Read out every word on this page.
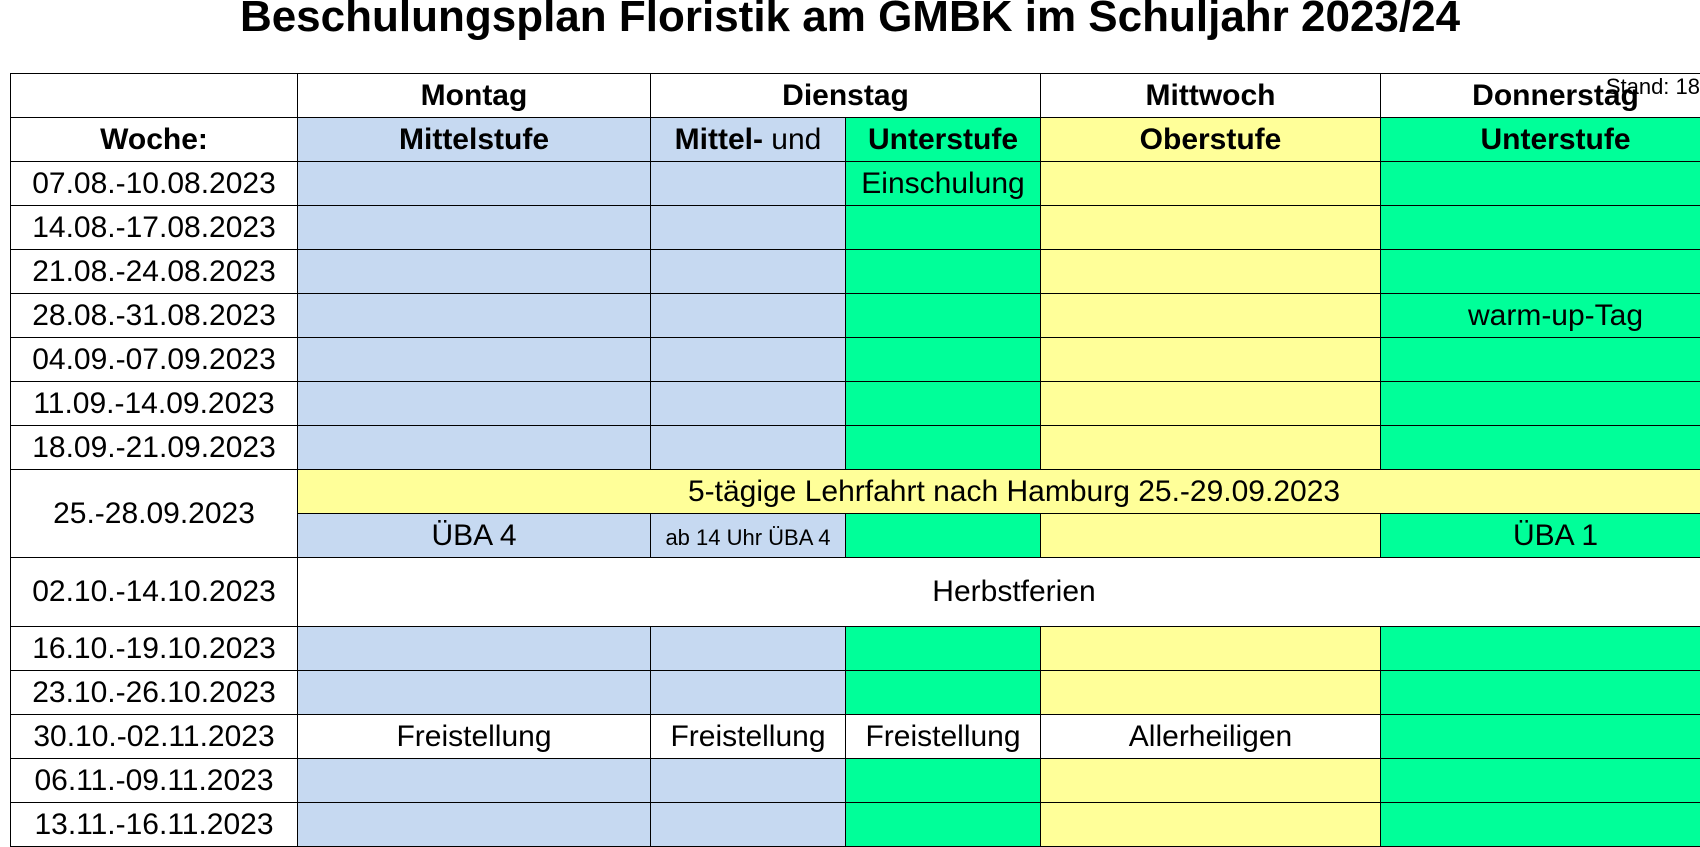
Beschulungsplan Floristik am GMBK im Schuljahr 2023/24
Stand: 18
	Montag	Dienstag		Mittwoch	Donnerstag
Woche:	Mittelstufe	Mittel- und	Unterstufe	Oberstufe	Unterstufe
07.08.-10.08.2023			Einschulung		
14.08.-17.08.2023					
21.08.-24.08.2023					
28.08.-31.08.2023					warm-up-Tag
04.09.-07.09.2023					
11.09.-14.09.2023					
18.09.-21.09.2023					
25.-28.09.2023	5-tägige Lehrfahrt nach Hamburg 25.-29.09.2023				
	ÜBA 4	ab 14 Uhr ÜBA 4			ÜBA 1
02.10.-14.10.2023	Herbstferien				
16.10.-19.10.2023					
23.10.-26.10.2023					
30.10.-02.11.2023	Freistellung	Freistellung	Freistellung	Allerheiligen	
06.11.-09.11.2023					
13.11.-16.11.2023					
